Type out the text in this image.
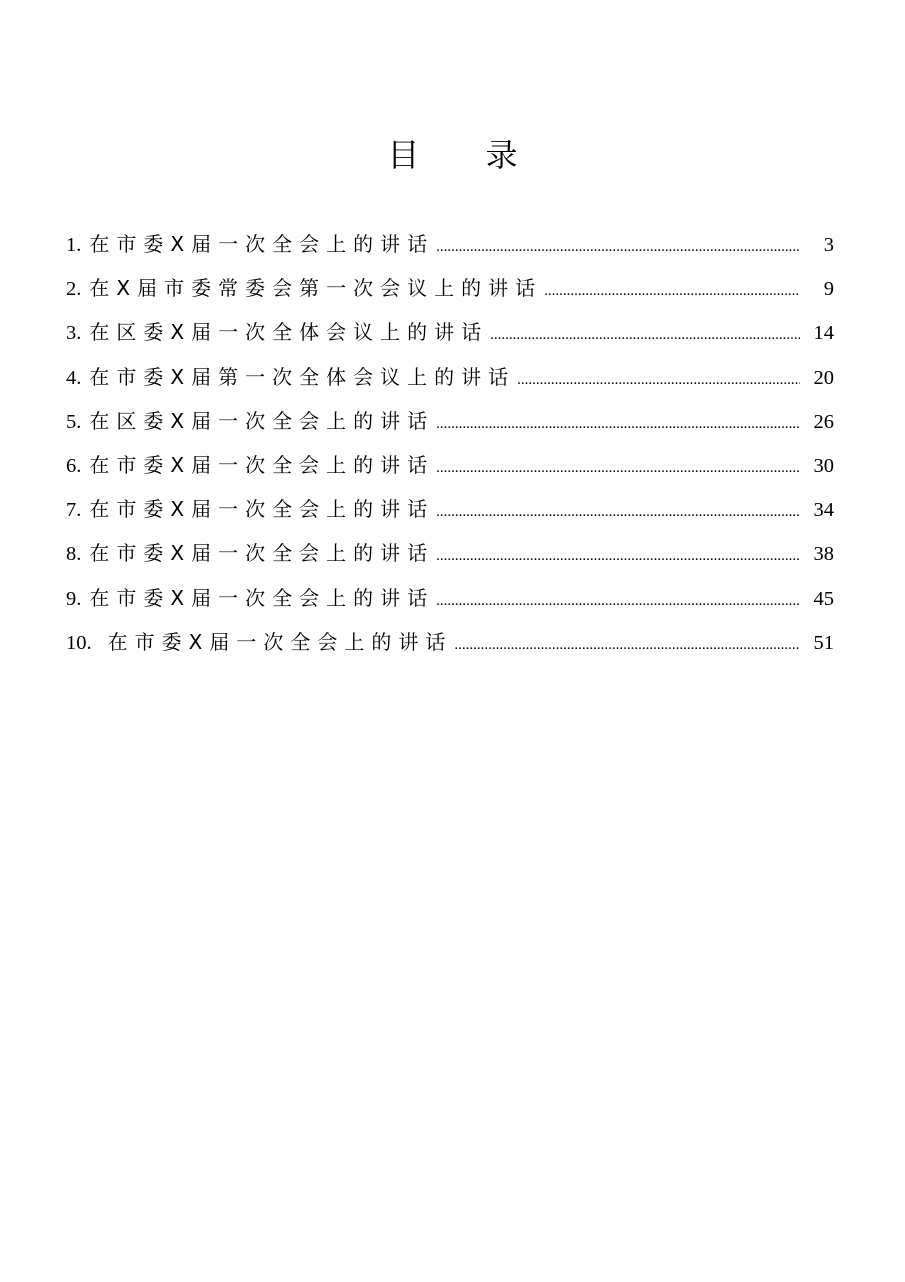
目 录
1. 在市委X届一次全会上的讲话 .....	3
2. 在X届市委常委会第一次会议上的讲话 .....	9
3. 在区委X届一次全体会议上的讲话 .....	14
4. 在市委X届第一次全体会议上的讲话 .....	20
5. 在区委X届一次全会上的讲话 .....	26
6. 在市委X届一次全会上的讲话 .....	30
7. 在市委X届一次全会上的讲话 .....	34
8. 在市委X届一次全会上的讲话 .....	38
9. 在市委X届一次全会上的讲话 .....	45
10. 在市委X届一次全会上的讲话 .....	51
